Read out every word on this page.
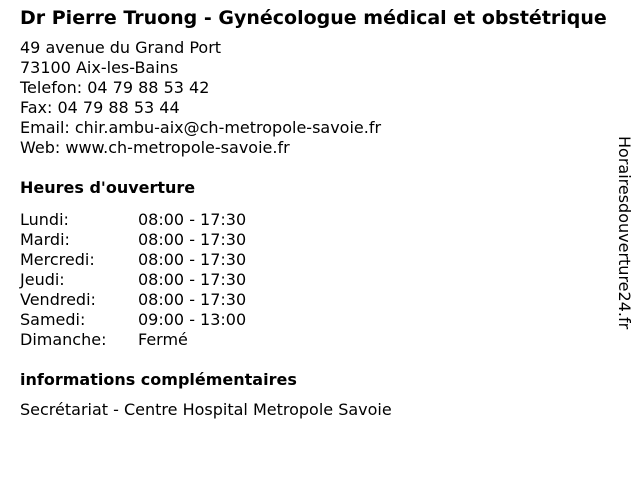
Dr Pierre Truong - Gynécologue médical et obstétrique
49 avenue du Grand Port
73100 Aix-les-Bains
Telefon: 04 79 88 53 42
Fax: 04 79 88 53 44
Email: chir.ambu-aix@ch-metropole-savoie.fr
Web: www.ch-metropole-savoie.fr
Heures d'ouverture
Lundi:	08:00 - 17:30
Mardi:	08:00 - 17:30
Mercredi:	08:00 - 17:30
Jeudi:	08:00 - 17:30
Vendredi:	08:00 - 17:30
Samedi:	09:00 - 13:00
Dimanche:	Fermé
informations complémentaires
Secrétariat - Centre Hospital Metropole Savoie
Horairesdouverture24.fr
